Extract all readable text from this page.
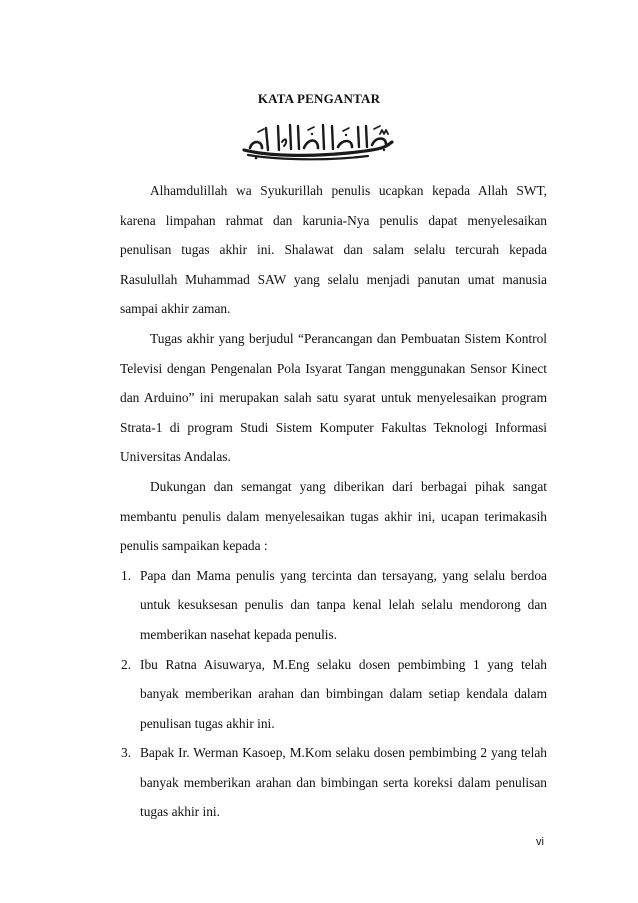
KATA PENGANTAR

Alhamdulillah wa Syukurillah penulis ucapkan kepada Allah SWT, karena limpahan rahmat dan karunia-Nya penulis dapat menyelesaikan penulisan tugas akhir ini. Shalawat dan salam selalu tercurah kepada Rasulullah Muhammad SAW yang selalu menjadi panutan umat manusia sampai akhir zaman.

Tugas akhir yang berjudul “Perancangan dan Pembuatan Sistem Kontrol Televisi dengan Pengenalan Pola Isyarat Tangan menggunakan Sensor Kinect dan Arduino” ini merupakan salah satu syarat untuk menyelesaikan program Strata-1 di program Studi Sistem Komputer Fakultas Teknologi Informasi Universitas Andalas.

Dukungan dan semangat yang diberikan dari berbagai pihak sangat membantu penulis dalam menyelesaikan tugas akhir ini, ucapan terimakasih penulis sampaikan kepada :

1. Papa dan Mama penulis yang tercinta dan tersayang, yang selalu berdoa untuk kesuksesan penulis dan tanpa kenal lelah selalu mendorong dan memberikan nasehat kepada penulis.
2. Ibu Ratna Aisuwarya, M.Eng selaku dosen pembimbing 1 yang telah banyak memberikan arahan dan bimbingan dalam setiap kendala dalam penulisan tugas akhir ini.
3. Bapak Ir. Werman Kasoep, M.Kom selaku dosen pembimbing 2 yang telah banyak memberikan arahan dan bimbingan serta koreksi dalam penulisan tugas akhir ini.
vi
